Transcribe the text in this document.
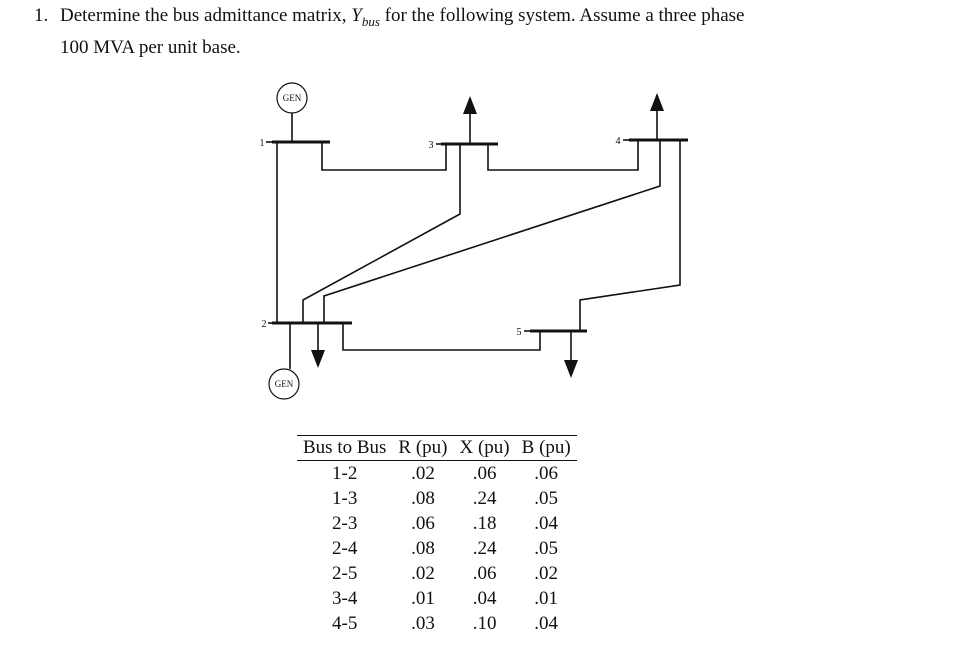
1. Determine the bus admittance matrix, $Y_{bus}$ for the following system. Assume a three phase
100 MVA per unit base.
GEN
GEN
1
2
3	4
5
Bus to Bus	R (pu)	X (pu)	B (pu)
1-2	.02	.06	.06
1-3	.08	.24	.05
2-3	.06	.18	.04
2-4	.08	.24	.05
2-5	.02	.06	.02
3-4	.01	.04	.01
4-5	.03	.10	.04
